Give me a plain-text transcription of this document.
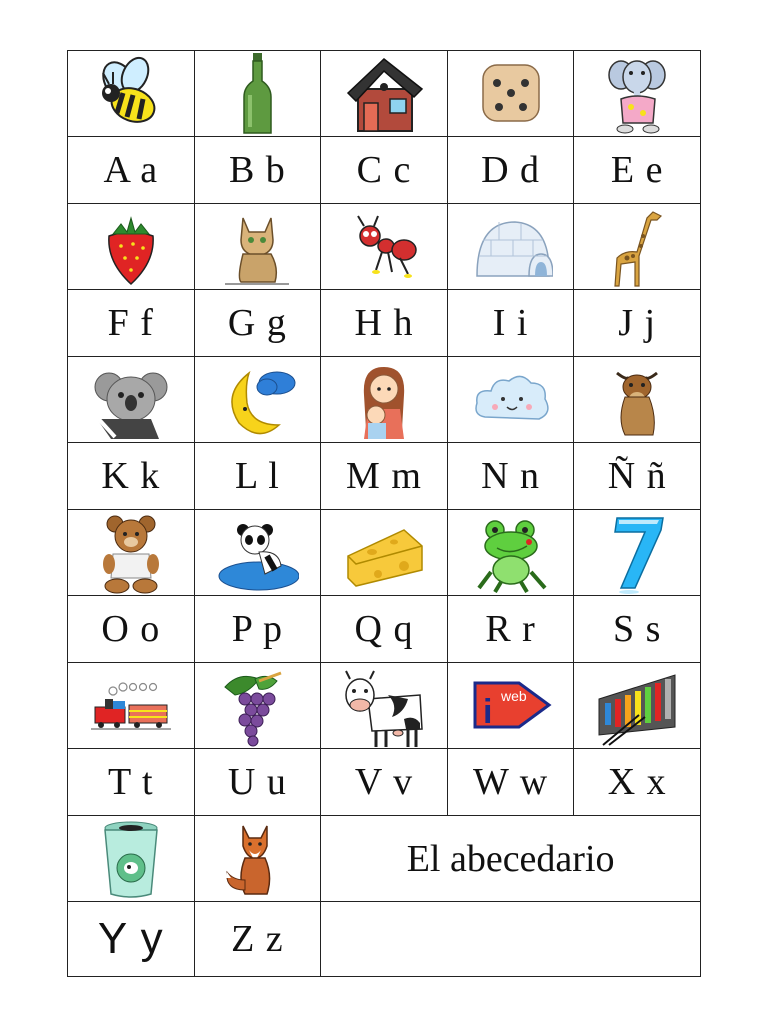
A a	B b	C c	D d	E e

F f	G g	H h	I i	J j

K k	L l	M m	N n	Ñ ñ

O o	P p	Q q	R r	S s

i web

T t	U u	V v	W w	X x

	El abecedario		
Y y	Z z			
